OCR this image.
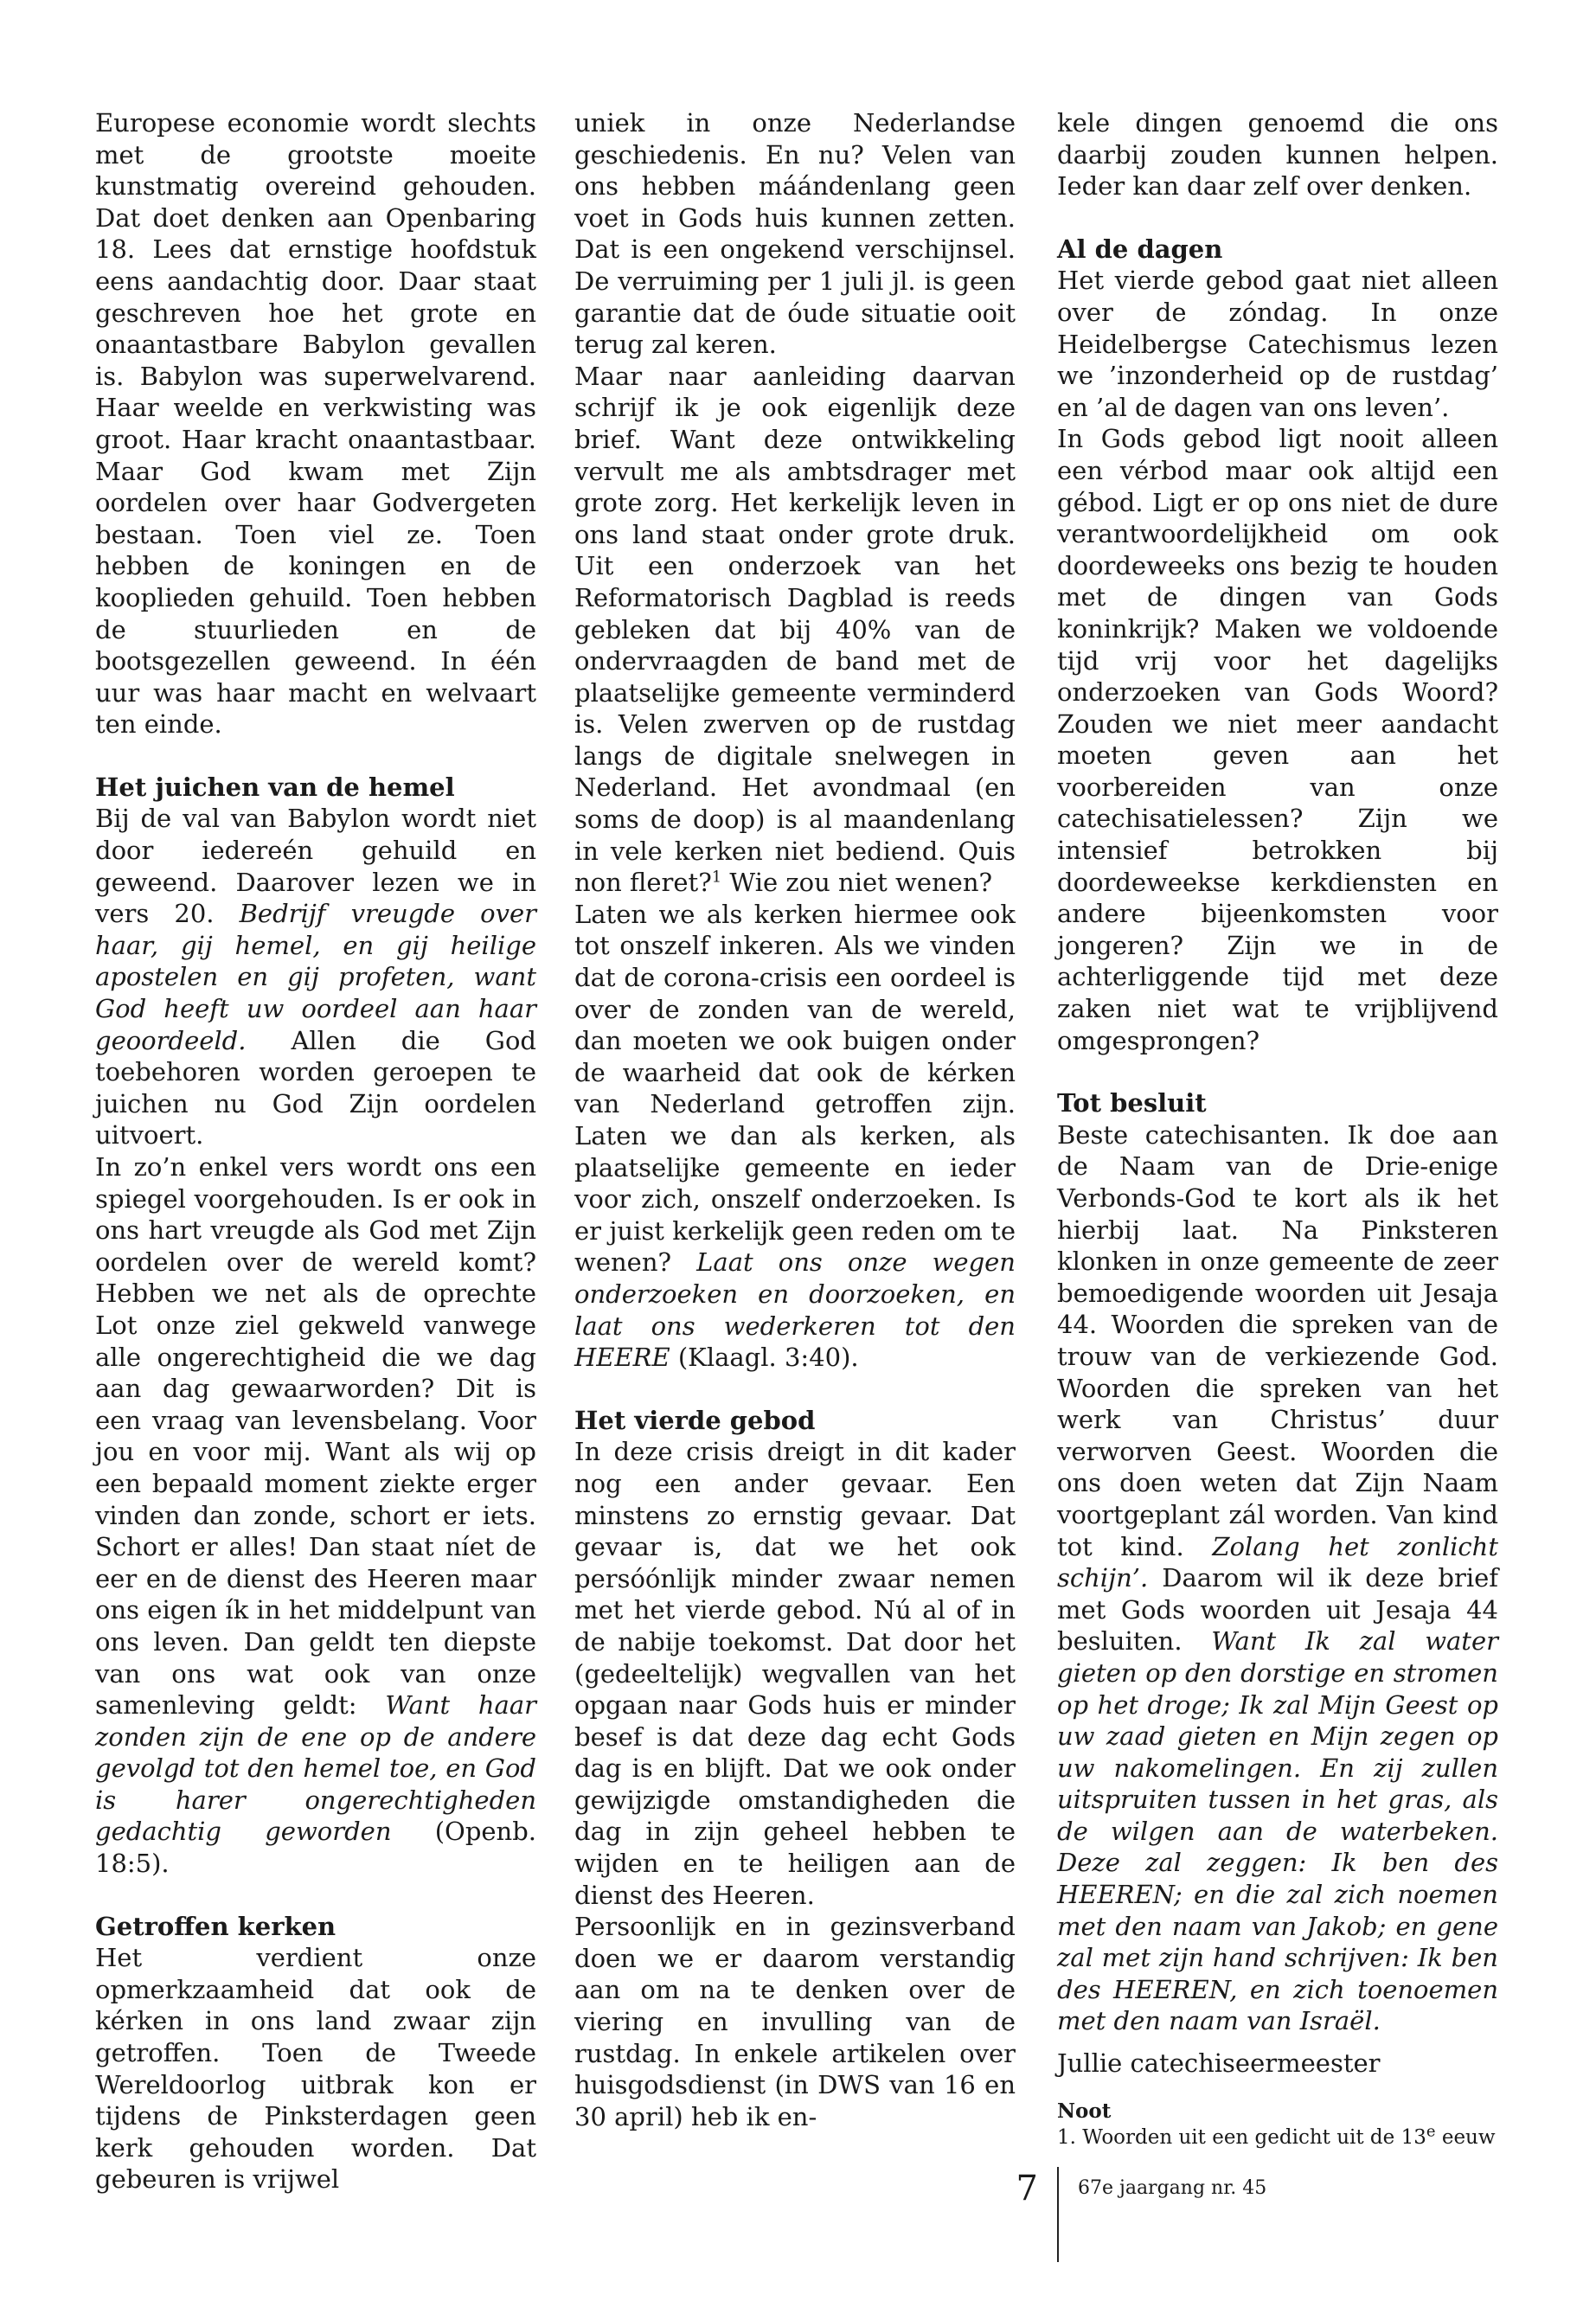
Europese economie wordt slechts met de grootste moeite kunstmatig overeind gehouden. Dat doet denken aan Openbaring 18. Lees dat ernstige hoofdstuk eens aandachtig door. Daar staat geschreven hoe het grote en onaantastbare Babylon gevallen is. Babylon was superwelvarend. Haar weelde en verkwisting was groot. Haar kracht onaantastbaar. Maar God kwam met Zijn oordelen over haar Godvergeten bestaan. Toen viel ze. Toen hebben de koningen en de kooplieden gehuild. Toen hebben de stuurlieden en de bootsgezellen geweend. In één uur was haar macht en welvaart ten einde.

Het juichen van de hemel

Bij de val van Babylon wordt niet door iedereén gehuild en geweend. Daarover lezen we in vers 20. Bedrijf vreugde over haar, gij hemel, en gij heilige apostelen en gij profeten, want God heeft uw oordeel aan haar geoordeeld. Allen die God toebehoren worden geroepen te juichen nu God Zijn oordelen uitvoert.

In zo’n enkel vers wordt ons een spiegel voorgehouden. Is er ook in ons hart vreugde als God met Zijn oordelen over de wereld komt? Hebben we net als de oprechte Lot onze ziel gekweld vanwege alle ongerechtigheid die we dag aan dag gewaarworden? Dit is een vraag van levensbelang. Voor jou en voor mij. Want als wij op een bepaald moment ziekte erger vinden dan zonde, schort er iets. Schort er alles! Dan staat níet de eer en de dienst des Heeren maar ons eigen ík in het middelpunt van ons leven. Dan geldt ten diepste van ons wat ook van onze samenleving geldt: Want haar zonden zijn de ene op de andere gevolgd tot den hemel toe, en God is harer ongerechtigheden gedachtig geworden (Openb. 18:5).

Getroffen kerken

Het verdient onze opmerkzaamheid dat ook de kérken in ons land zwaar zijn getroffen. Toen de Tweede Wereldoorlog uitbrak kon er tijdens de Pinksterdagen geen kerk gehouden worden. Dat gebeuren is vrijwel

uniek in onze Nederlandse geschiedenis. En nu? Velen van ons hebben máándenlang geen voet in Gods huis kunnen zetten. Dat is een ongekend verschijnsel. De verruiming per 1 juli jl. is geen garantie dat de óude situatie ooit terug zal keren.

Maar naar aanleiding daarvan schrijf ik je ook eigenlijk deze brief. Want deze ontwikkeling vervult me als ambtsdrager met grote zorg. Het kerkelijk leven in ons land staat onder grote druk. Uit een onderzoek van het Reformatorisch Dagblad is reeds gebleken dat bij 40% van de ondervraagden de band met de plaatselijke gemeente verminderd is. Velen zwerven op de rustdag langs de digitale snelwegen in Nederland. Het avondmaal (en soms de doop) is al maandenlang in vele kerken niet bediend. Quis non fleret?$^1$ Wie zou niet wenen?

Laten we als kerken hiermee ook tot onszelf inkeren. Als we vinden dat de corona-crisis een oordeel is over de zonden van de wereld, dan moeten we ook buigen onder de waarheid dat ook de kérken van Nederland getroffen zijn. Laten we dan als kerken, als plaatselijke gemeente en ieder voor zich, onszelf onderzoeken. Is er juist kerkelijk geen reden om te wenen? Laat ons onze wegen onderzoeken en doorzoeken, en laat ons wederkeren tot den HEERE (Klaagl. 3:40).

Het vierde gebod

In deze crisis dreigt in dit kader nog een ander gevaar. Een minstens zo ernstig gevaar. Dat gevaar is, dat we het ook persóónlijk minder zwaar nemen met het vierde gebod. Nú al of in de nabije toekomst. Dat door het (gedeeltelijk) wegvallen van het opgaan naar Gods huis er minder besef is dat deze dag echt Gods dag is en blijft. Dat we ook onder gewijzigde omstandigheden die dag in zijn geheel hebben te wijden en te heiligen aan de dienst des Heeren.

Persoonlijk en in gezinsverband doen we er daarom verstandig aan om na te denken over de viering en invulling van de rustdag. In enkele artikelen over huisgodsdienst (in DWS van 16 en 30 april) heb ik en-

kele dingen genoemd die ons daarbij zouden kunnen helpen. Ieder kan daar zelf over denken.

Al de dagen

Het vierde gebod gaat niet alleen over de zóndag. In onze Heidelbergse Catechismus lezen we ’inzonderheid op de rustdag’ en ’al de dagen van ons leven’.

In Gods gebod ligt nooit alleen een vérbod maar ook altijd een gébod. Ligt er op ons niet de dure verantwoordelijkheid om ook doordeweeks ons bezig te houden met de dingen van Gods koninkrijk? Maken we voldoende tijd vrij voor het dagelijks onderzoeken van Gods Woord? Zouden we niet meer aandacht moeten geven aan het voorbereiden van onze catechisatielessen? Zijn we intensief betrokken bij doordeweekse kerkdiensten en andere bijeenkomsten voor jongeren? Zijn we in de achterliggende tijd met deze zaken niet wat te vrijblijvend omgesprongen?

Tot besluit

Beste catechisanten. Ik doe aan de Naam van de Drie-enige Verbonds-God te kort als ik het hierbij laat. Na Pinksteren klonken in onze gemeente de zeer bemoedigende woorden uit Jesaja 44. Woorden die spreken van de trouw van de verkiezende God. Woorden die spreken van het werk van Christus’ duur verworven Geest. Woorden die ons doen weten dat Zijn Naam voortgeplant zál worden. Van kind tot kind. Zolang het zonlicht schijn’. Daarom wil ik deze brief met Gods woorden uit Jesaja 44 besluiten. Want Ik zal water gieten op den dorstige en stromen op het droge; Ik zal Mijn Geest op uw zaad gieten en Mijn zegen op uw nakomelingen. En zij zullen uitspruiten tussen in het gras, als de wilgen aan de waterbeken. Deze zal zeggen: Ik ben des HEEREN; en die zal zich noemen met den naam van Jakob; en gene zal met zijn hand schrijven: Ik ben des HEEREN, en zich toenoemen met den naam van Israël.

Jullie catechiseermeester

Noot

1. Woorden uit een gedicht uit de 13e eeuw

7 67e jaargang nr. 45
